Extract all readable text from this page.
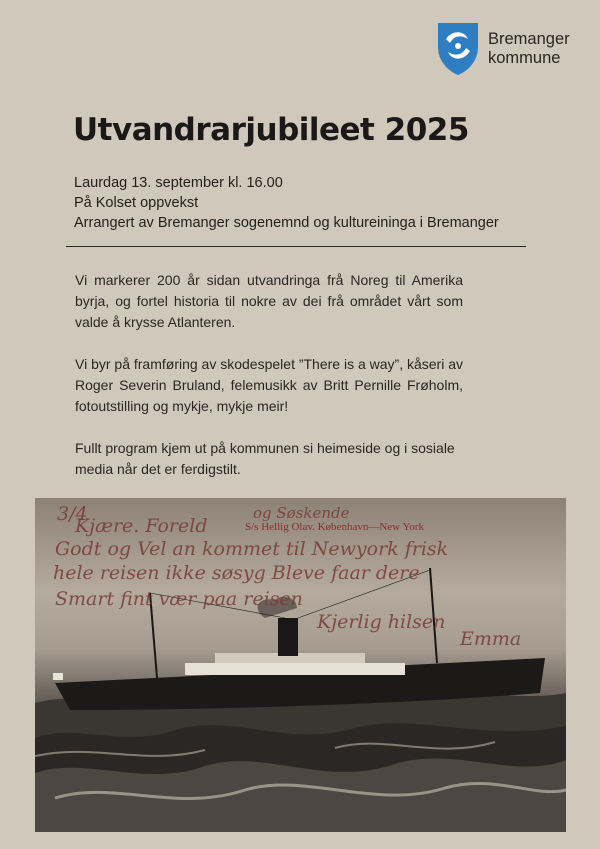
Bremanger
kommune
Utvandrarjubileet 2025
Laurdag 13. september kl. 16.00
På Kolset oppvekst
Arrangert av Bremanger sogenemnd og kultureininga i Bremanger

Vi markerer 200 år sidan utvandringa frå Noreg til Amerika byrja, og fortel historia til nokre av dei frå området vårt som valde å krysse Atlanteren.

Vi byr på framføring av skodespelet ”There is a way”, kåseri av Roger Severin Bruland, felemusikk av Britt Pernille Frøholm, fotoutstilling og mykje, mykje meir!

Fullt program kjem ut på kommunen si heimeside og i sosiale media når det er ferdigstilt.

S/s Hellig Olav. København—New York
3/4	og Søskende
Kjære. Foreld
Godt og Vel an kommet til Newyork frisk
hele reisen ikke søsyg Bleve faar dere
Smart fint vær paa reisen
Kjerlig hilsen
Emma
